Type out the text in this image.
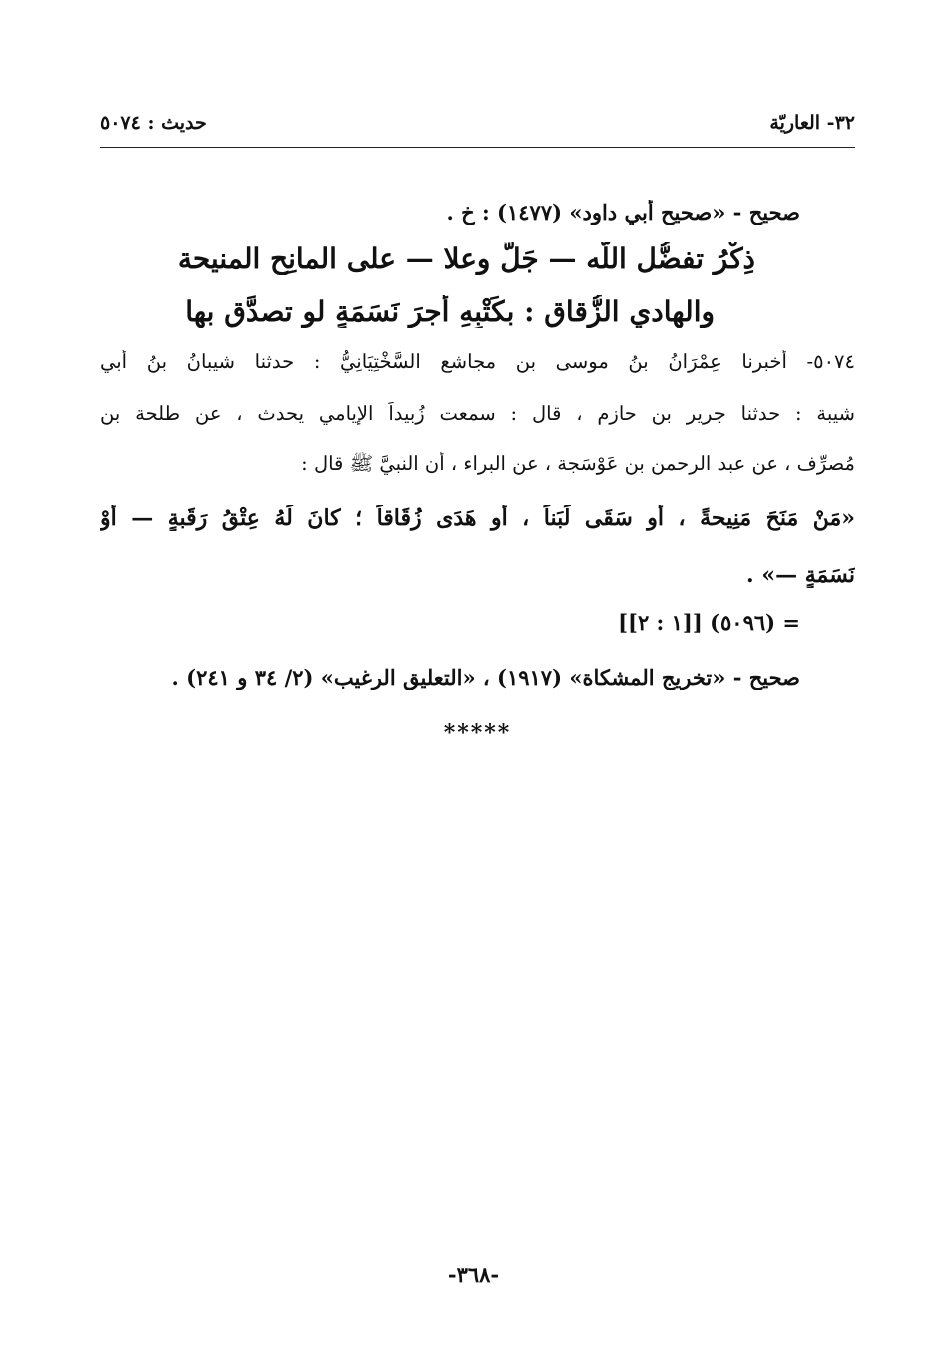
٣٢- العاريّة
حديث : ٥٠٧٤
صحيح - «صحيح أبي داود» (١٤٧٧) : خ .
ذِكْرُ تفضُّل اللّه — جَلَّ وعلا — على المانِح المنيحة
والهادي الزُّقاق : بكَتْبِهِ أجرَ نَسَمَةٍ لو تصدَّق بها
٥٠٧٤- أخبرنا عِمْرَانُ بنُ موسى بن مجاشع السَّخْتِيَانِيُّ : حدثنا شيبانُ بنُ أبي
شيبة : حدثنا جرير بن حازم ، قال : سمعت زُبيداً الإيامي يحدث ، عن طلحة بن
مُصرِّف ، عن عبد الرحمن بن عَوْسَجة ، عن البراء ، أن النبيَّ ﷺ قال :
«مَنْ مَنَحَ مَنِيحةً ، أو سَقَى لَبَناً ، أو هَدَى زُقَاقاً ؛ كانَ لَهُ عِتْقُ رَقَبةٍ — أوْ
نَسَمَةٍ —» .
= (٥٠٩٦) [[١ : ٢]]
صحيح - «تخريج المشكاة» (١٩١٧) ، «التعليق الرغيب» (٢/ ٣٤ و ٢٤١) .
*****
-٣٦٨-
